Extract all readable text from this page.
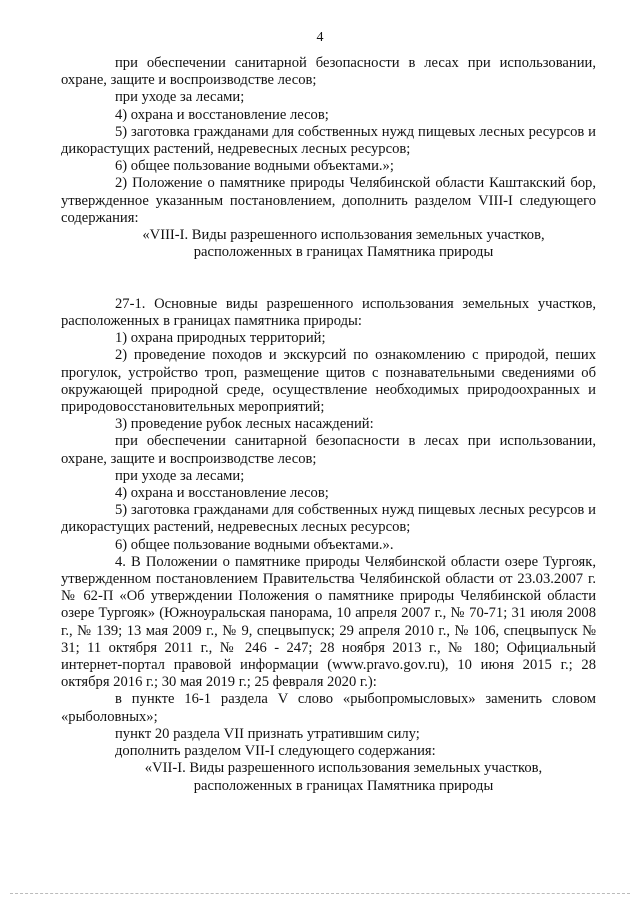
4

при обеспечении санитарной безопасности в лесах при использовании, охране, защите и воспроизводстве лесов;

при уходе за лесами;

4) охрана и восстановление лесов;

5) заготовка гражданами для собственных нужд пищевых лесных ресурсов и дикорастущих растений, недревесных лесных ресурсов;

6) общее пользование водными объектами.»;

2) Положение о памятнике природы Челябинской области Каштакский бор, утвержденное указанным постановлением, дополнить разделом VIII-I следующего содержания:

«VIII-I. Виды разрешенного использования земельных участков,

расположенных в границах Памятника природы

27-1. Основные виды разрешенного использования земельных участков, расположенных в границах памятника природы:

1) охрана природных территорий;

2) проведение походов и экскурсий по ознакомлению с природой, пеших прогулок, устройство троп, размещение щитов с познавательными сведениями об окружающей природной среде, осуществление необходимых природоохранных и природовосстановительных мероприятий;

3) проведение рубок лесных насаждений:

при обеспечении санитарной безопасности в лесах при использовании, охране, защите и воспроизводстве лесов;

при уходе за лесами;

4) охрана и восстановление лесов;

5) заготовка гражданами для собственных нужд пищевых лесных ресурсов и дикорастущих растений, недревесных лесных ресурсов;

6) общее пользование водными объектами.».

4. В Положении о памятнике природы Челябинской области озере Тургояк, утвержденном постановлением Правительства Челябинской области от 23.03.2007 г. № 62-П «Об утверждении Положения о памятнике природы Челябинской области озере Тургояк» (Южноуральская панорама, 10 апреля 2007 г., № 70-71; 31 июля 2008 г., № 139; 13 мая 2009 г., № 9, спецвыпуск; 29 апреля 2010 г., № 106, спецвыпуск № 31; 11 октября 2011 г., № 246 - 247; 28 ноября 2013 г., № 180; Официальный интернет-портал правовой информации (www.pravo.gov.ru), 10 июня 2015 г.; 28 октября 2016 г.; 30 мая 2019 г.; 25 февраля 2020 г.):

в пункте 16-1 раздела V слово «рыбопромысловых» заменить словом «рыболовных»;

пункт 20 раздела VII признать утратившим силу;

дополнить разделом VII-I следующего содержания:

«VII-I. Виды разрешенного использования земельных участков,

расположенных в границах Памятника природы
